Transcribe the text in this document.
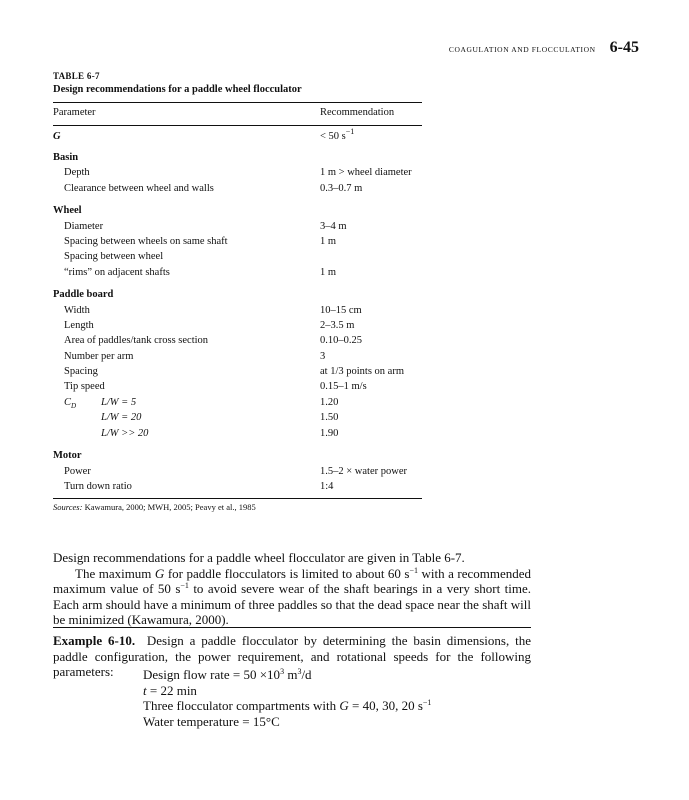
COAGULATION AND FLOCCULATION 6-45
TABLE 6-7
Design recommendations for a paddle wheel flocculator
Parameter	Recommendation
G	< 50 $s^{-1}$
Basin
Depth	1 m > wheel diameter
Clearance between wheel and walls	0.3–0.7 m
Wheel
Diameter	3–4 m
Spacing between wheels on same shaft	1 m
Spacing between wheel
“rims” on adjacent shafts	1 m
Paddle board
Width	10–15 cm
Length	2–3.5 m
Area of paddles/tank cross section	0.10–0.25
Number per arm	3
Spacing	at 1/3 points on arm
Tip speed	0.15–1 m/s
$C_D$ L/W = 5	1.20
L/W = 20	1.50
L/W >> 20	1.90
Motor
Power	1.5–2 × water power
Turn down ratio	1:4
Sources: Kawamura, 2000; MWH, 2005; Peavy et al., 1985

Design recommendations for a paddle wheel flocculator are given in Table 6-7.

The maximum G for paddle flocculators is limited to about 60 $s^{-1}$ with a recommended maximum value of 50 $s^{-1}$ to avoid severe wear of the shaft bearings in a very short time. Each arm should have a minimum of three paddles so that the dead space near the shaft will be minimized (Kawamura, 2000).

Example 6-10. Design a paddle flocculator by determining the basin dimensions, the paddle configuration, the power requirement, and rotational speeds for the following parameters:	Design flow rate = $50 \times 10^3$ $m^3/d$
t = 22 min
Three flocculator compartments with G = 40, 30, 20 $s^{-1}$
Water temperature = 15°C
